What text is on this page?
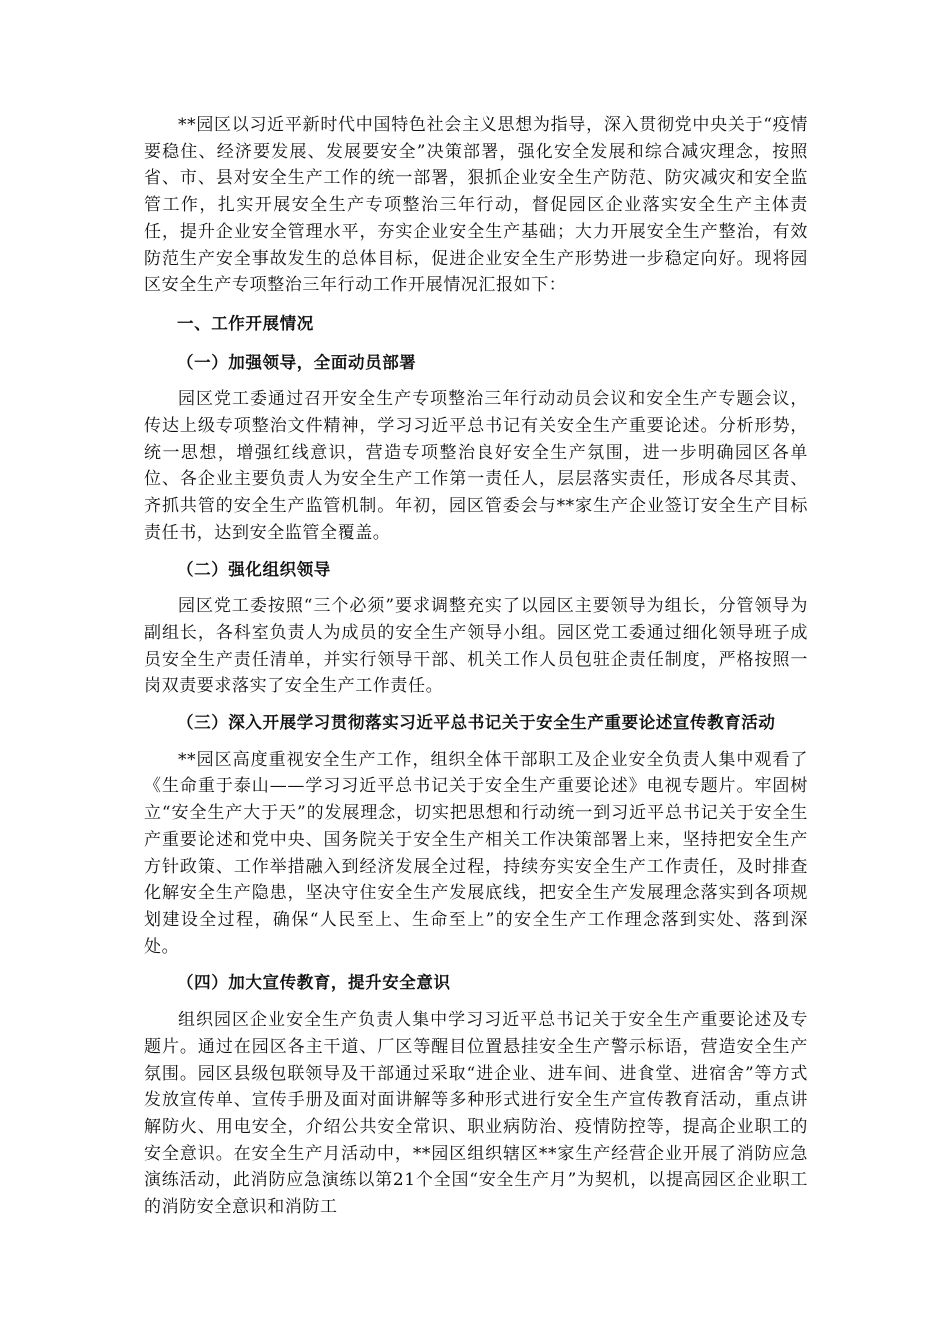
**园区以习近平新时代中国特色社会主义思想为指导，深入贯彻党中央关于“疫情要稳住、经济要发展、发展要安全”决策部署，强化安全发展和综合减灾理念，按照省、市、县对安全生产工作的统一部署，狠抓企业安全生产防范、防灾减灾和安全监管工作，扎实开展安全生产专项整治三年行动，督促园区企业落实安全生产主体责任，提升企业安全管理水平，夯实企业安全生产基础；大力开展安全生产整治，有效防范生产安全事故发生的总体目标，促进企业安全生产形势进一步稳定向好。现将园区安全生产专项整治三年行动工作开展情况汇报如下：

一、工作开展情况

（一）加强领导，全面动员部署

园区党工委通过召开安全生产专项整治三年行动动员会议和安全生产专题会议，传达上级专项整治文件精神，学习习近平总书记有关安全生产重要论述。分析形势，统一思想，增强红线意识，营造专项整治良好安全生产氛围，进一步明确园区各单位、各企业主要负责人为安全生产工作第一责任人，层层落实责任，形成各尽其责、齐抓共管的安全生产监管机制。年初，园区管委会与**家生产企业签订安全生产目标责任书，达到安全监管全覆盖。

（二）强化组织领导

园区党工委按照“三个必须”要求调整充实了以园区主要领导为组长，分管领导为副组长，各科室负责人为成员的安全生产领导小组。园区党工委通过细化领导班子成员安全生产责任清单，并实行领导干部、机关工作人员包驻企责任制度，严格按照一岗双责要求落实了安全生产工作责任。

（三）深入开展学习贯彻落实习近平总书记关于安全生产重要论述宣传教育活动

**园区高度重视安全生产工作，组织全体干部职工及企业安全负责人集中观看了《生命重于泰山——学习习近平总书记关于安全生产重要论述》电视专题片。牢固树立“安全生产大于天”的发展理念，切实把思想和行动统一到习近平总书记关于安全生产重要论述和党中央、国务院关于安全生产相关工作决策部署上来，坚持把安全生产方针政策、工作举措融入到经济发展全过程，持续夯实安全生产工作责任，及时排查化解安全生产隐患，坚决守住安全生产发展底线，把安全生产发展理念落实到各项规划建设全过程，确保“人民至上、生命至上”的安全生产工作理念落到实处、落到深处。

（四）加大宣传教育，提升安全意识

组织园区企业安全生产负责人集中学习习近平总书记关于安全生产重要论述及专题片。通过在园区各主干道、厂区等醒目位置悬挂安全生产警示标语，营造安全生产氛围。园区县级包联领导及干部通过采取“进企业、进车间、进食堂、进宿舍”等方式发放宣传单、宣传手册及面对面讲解等多种形式进行安全生产宣传教育活动，重点讲解防火、用电安全，介绍公共安全常识、职业病防治、疫情防控等，提高企业职工的安全意识。在安全生产月活动中，**园区组织辖区**家生产经营企业开展了消防应急演练活动，此消防应急演练以第21个全国“安全生产月”为契机，以提高园区企业职工的消防安全意识和消防工
